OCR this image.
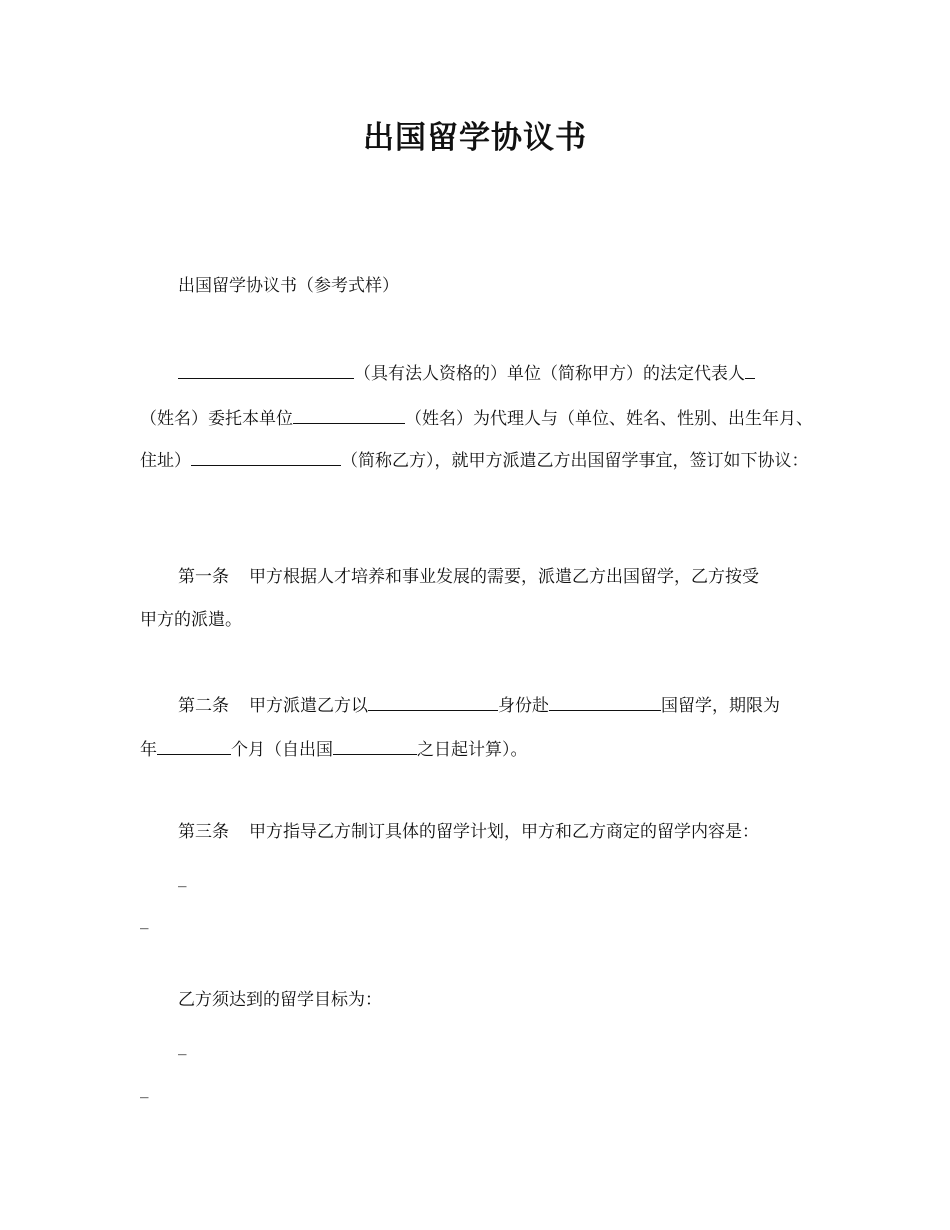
出国留学协议书
出国留学协议书（参考式样）
（具有法人资格的）单位（简称甲方）的法定代表人
（姓名）委托本单位	（姓名）为代理人与（单位、姓名、性别、出生年月、
住址）	（简称乙方），就甲方派遣乙方出国留学事宜，签订如下协议：
第一条 甲方根据人才培养和事业发展的需要，派遣乙方出国留学，乙方按受
甲方的派遣。
第二条 甲方派遣乙方以	身份赴	国留学，期限为
年	个月（自出国	之日起计算）。
第三条 甲方指导乙方制订具体的留学计划，甲方和乙方商定的留学内容是：
_
_
乙方须达到的留学目标为：
_
_
